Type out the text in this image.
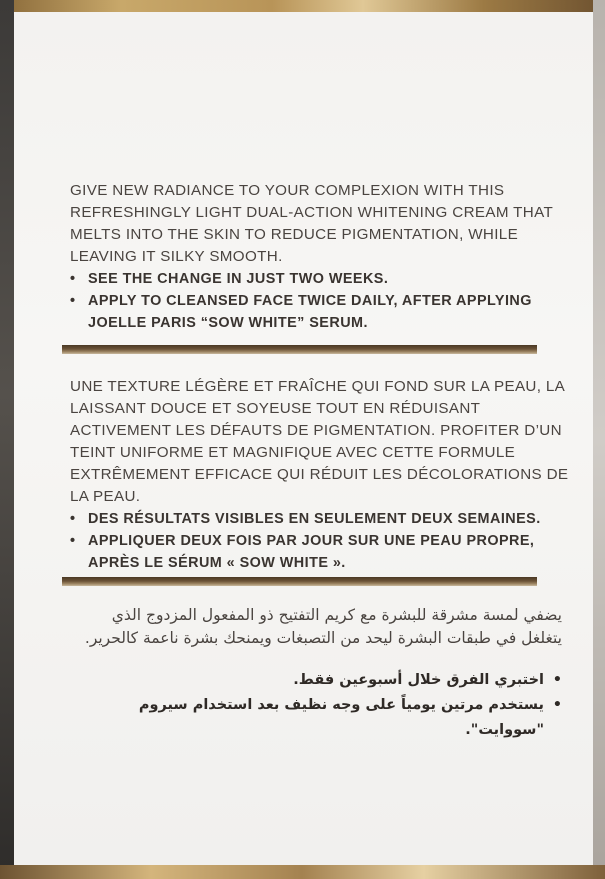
GIVE NEW RADIANCE TO YOUR COMPLEXION WITH THIS REFRESHINGLY LIGHT DUAL-ACTION WHITENING CREAM THAT MELTS INTO THE SKIN TO REDUCE PIGMENTATION, WHILE LEAVING IT SILKY SMOOTH.

• SEE THE CHANGE IN JUST TWO WEEKS.
• APPLY TO CLEANSED FACE TWICE DAILY, AFTER APPLYING JOELLE PARIS “SOW WHITE” SERUM.

UNE TEXTURE LÉGÈRE ET FRAÎCHE QUI FOND SUR LA PEAU, LA LAISSANT DOUCE ET SOYEUSE TOUT EN RÉDUISANT ACTIVEMENT LES DÉFAUTS DE PIGMENTATION. PROFITER D’UN TEINT UNIFORME ET MAGNIFIQUE AVEC CETTE FORMULE EXTRÊMEMENT EFFICACE QUI RÉDUIT LES DÉCOLORATIONS DE LA PEAU.

• DES RÉSULTATS VISIBLES EN SEULEMENT DEUX SEMAINES.
• APPLIQUER DEUX FOIS PAR JOUR SUR UNE PEAU PROPRE, APRÈS LE SÉRUM « SOW WHITE ».

يضفي لمسة مشرقة للبشرة مع كريم التفتيح ذو المفعول المزدوج الذي يتغلغل في طبقات البشرة ليحد من التصبغات ويمنحك بشرة ناعمة كالحرير.

• اختبري الفرق خلال أسبوعين فقط.
• يستخدم مرتين يومياً على وجه نظيف بعد استخدام سيروم "سووايت".
